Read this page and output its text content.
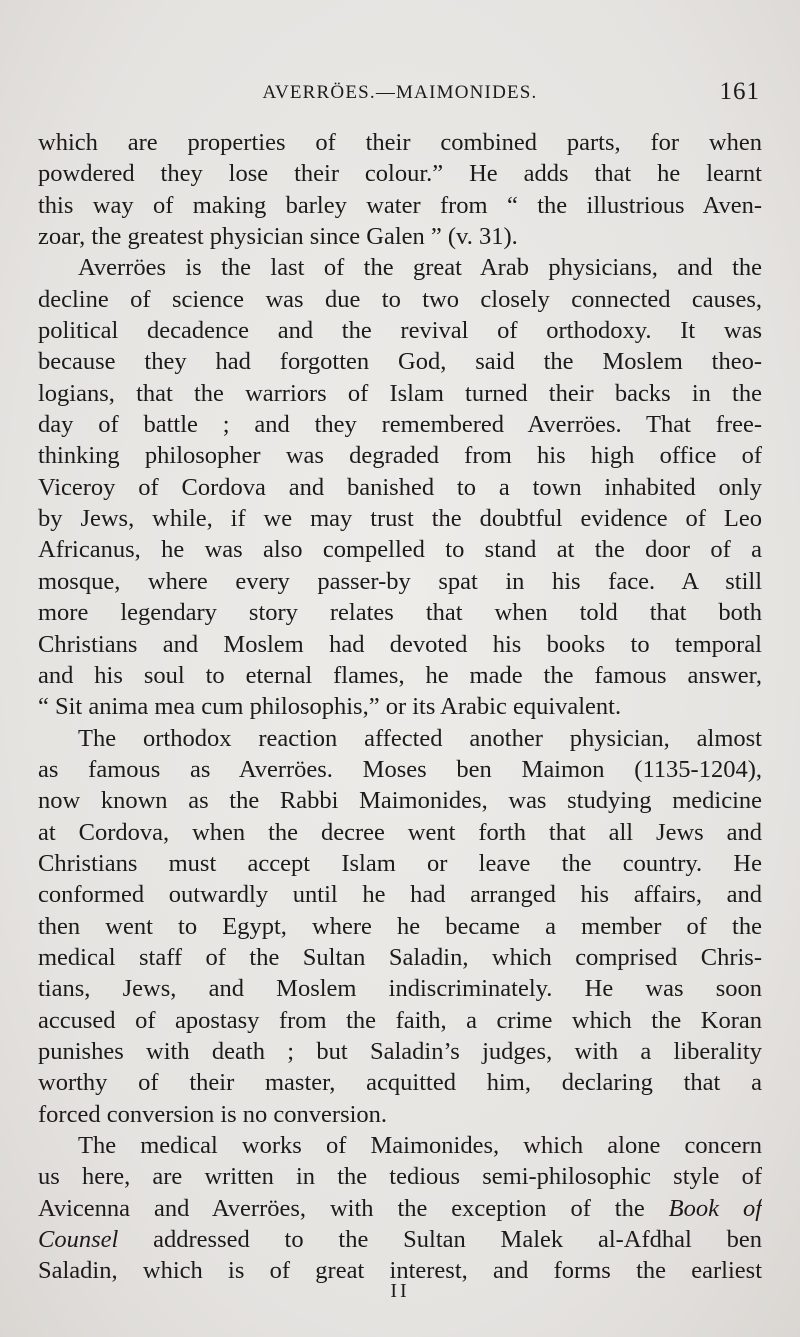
AVERRÖES.—MAIMONIDES.	161
which are properties of their combined parts, for when
powdered they lose their colour.” He adds that he learnt
this way of making barley water from “ the illustrious Aven-
zoar, the greatest physician since Galen ” (v. 31).
Averröes is the last of the great Arab physicians, and the
decline of science was due to two closely connected causes,
political decadence and the revival of orthodoxy. It was
because they had forgotten God, said the Moslem theo-
logians, that the warriors of Islam turned their backs in the
day of battle ; and they remembered Averröes. That free-
thinking philosopher was degraded from his high office of
Viceroy of Cordova and banished to a town inhabited only
by Jews, while, if we may trust the doubtful evidence of Leo
Africanus, he was also compelled to stand at the door of a
mosque, where every passer-by spat in his face. A still
more legendary story relates that when told that both
Christians and Moslem had devoted his books to temporal
and his soul to eternal flames, he made the famous answer,
“ Sit anima mea cum philosophis,” or its Arabic equivalent.
The orthodox reaction affected another physician, almost
as famous as Averröes. Moses ben Maimon (1135-1204),
now known as the Rabbi Maimonides, was studying medicine
at Cordova, when the decree went forth that all Jews and
Christians must accept Islam or leave the country. He
conformed outwardly until he had arranged his affairs, and
then went to Egypt, where he became a member of the
medical staff of the Sultan Saladin, which comprised Chris-
tians, Jews, and Moslem indiscriminately. He was soon
accused of apostasy from the faith, a crime which the Koran
punishes with death ; but Saladin’s judges, with a liberality
worthy of their master, acquitted him, declaring that a
forced conversion is no conversion.
The medical works of Maimonides, which alone concern
us here, are written in the tedious semi-philosophic style of
Avicenna and Averröes, with the exception of the Book of
Counsel addressed to the Sultan Malek al-Afdhal ben
Saladin, which is of great interest, and forms the earliest
II
